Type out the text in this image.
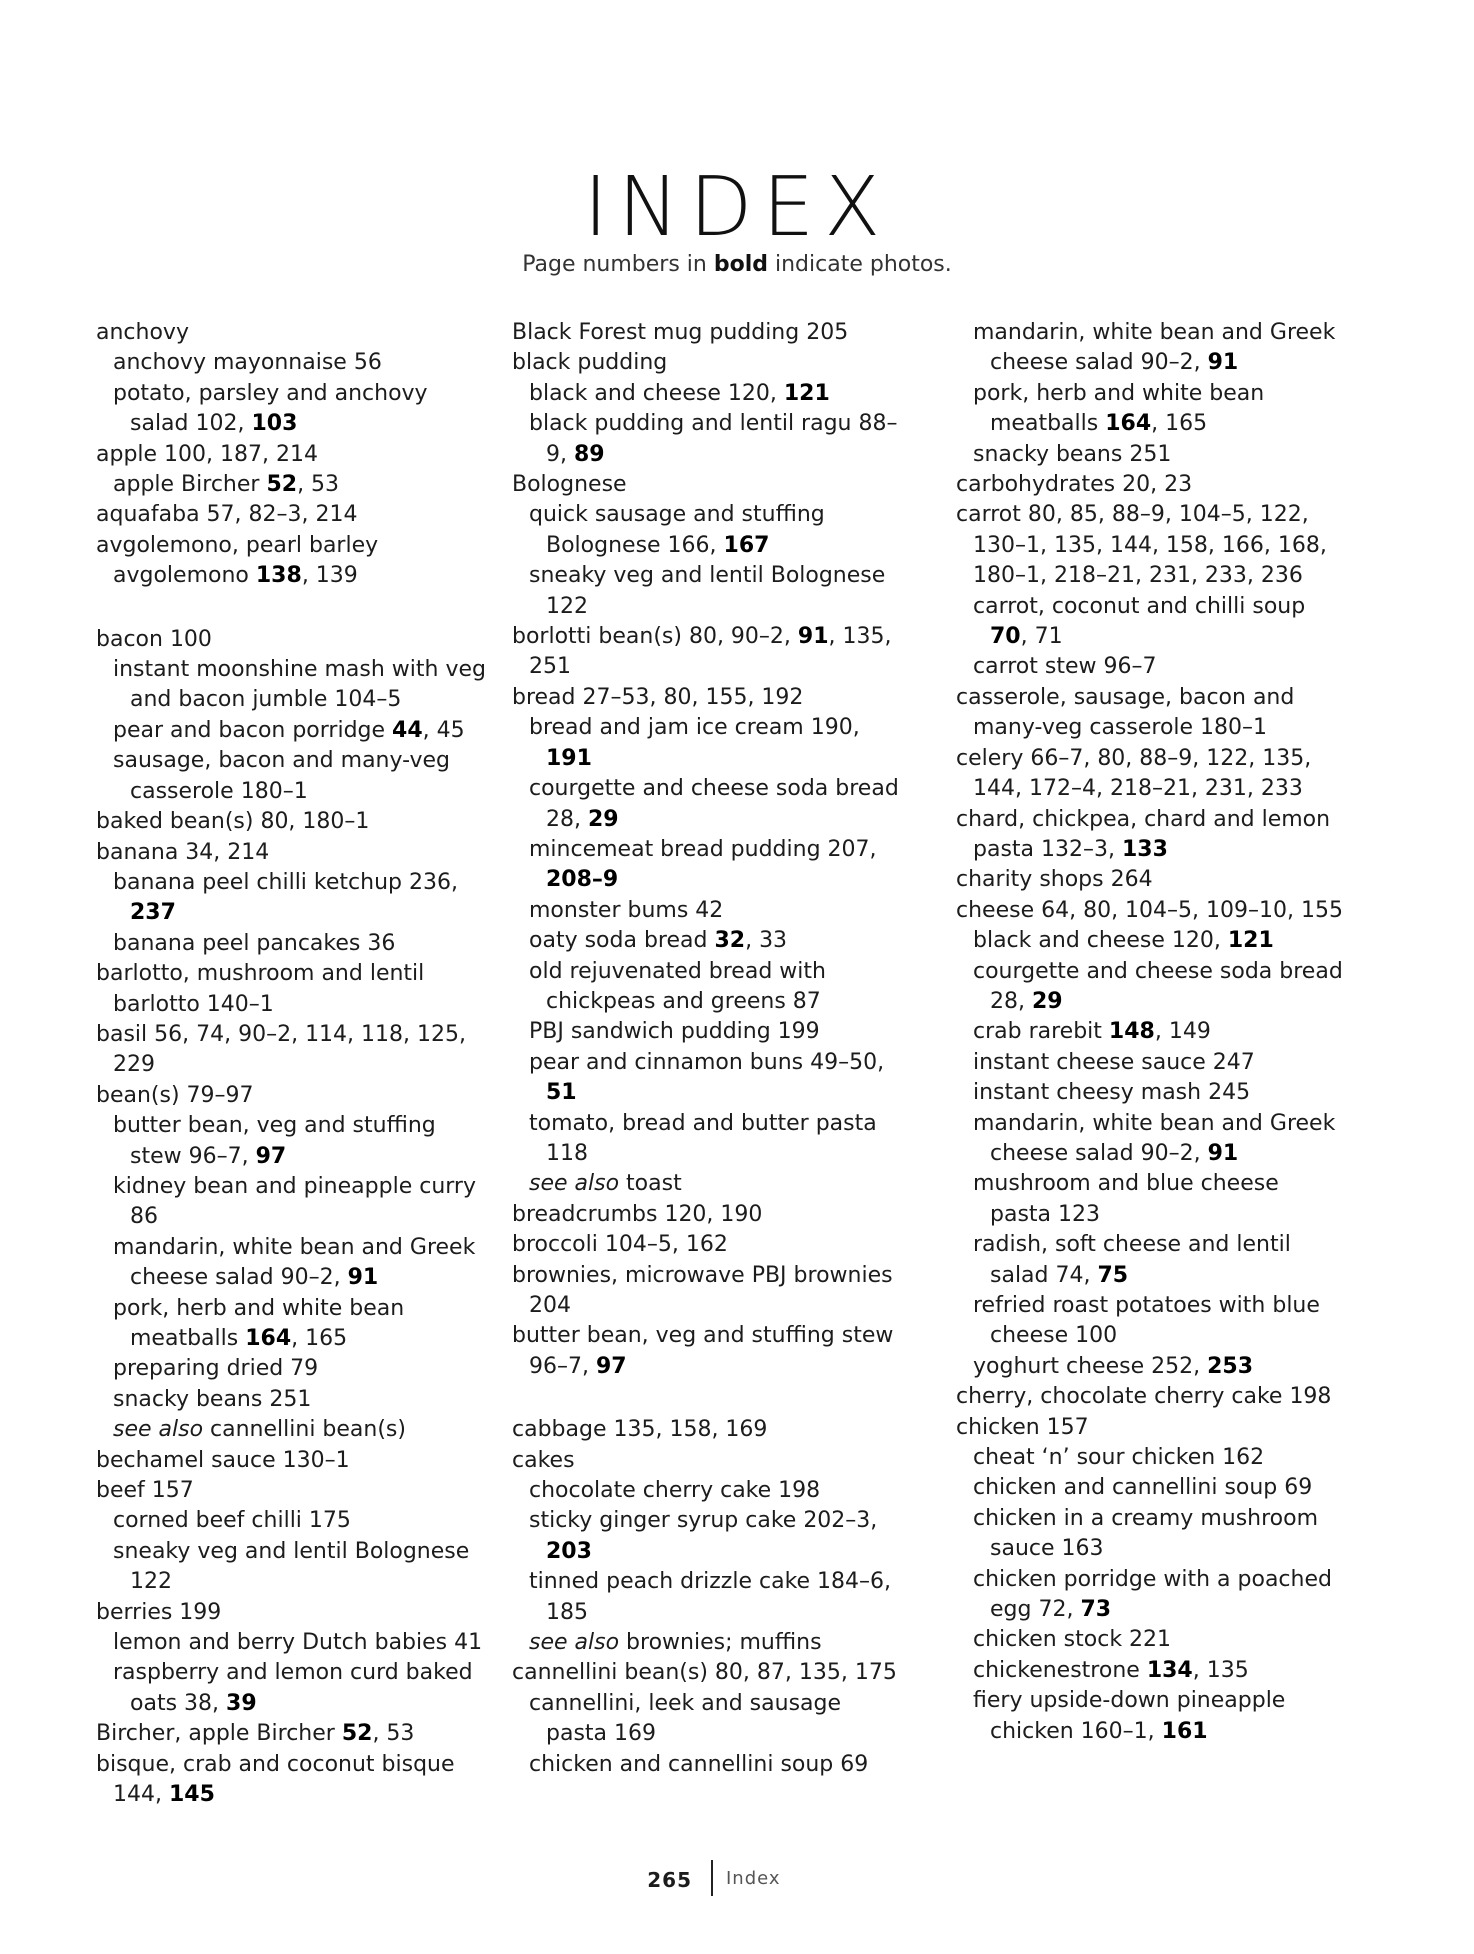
INDEX
Page numbers in bold indicate photos.
anchovy
anchovy mayonnaise 56
potato, parsley and anchovy salad 102, 103
apple 100, 187, 214
apple Bircher 52, 53
aquafaba 57, 82–3, 214
avgolemono, pearl barley avgolemono 138, 139
bacon 100
instant moonshine mash with veg and bacon jumble 104–5
pear and bacon porridge 44, 45
sausage, bacon and many-veg casserole 180–1
baked bean(s) 80, 180–1
banana 34, 214
banana peel chilli ketchup 236, 237
banana peel pancakes 36
barlotto, mushroom and lentil barlotto 140–1
basil 56, 74, 90–2, 114, 118, 125, 229
bean(s) 79–97
butter bean, veg and stuffing stew 96–7, 97
kidney bean and pineapple curry 86
mandarin, white bean and Greek cheese salad 90–2, 91
pork, herb and white bean meatballs 164, 165
preparing dried 79
snacky beans 251
see also cannellini bean(s)
bechamel sauce 130–1
beef 157
corned beef chilli 175
sneaky veg and lentil Bolognese 122
berries 199
lemon and berry Dutch babies 41
raspberry and lemon curd baked oats 38, 39
Bircher, apple Bircher 52, 53
bisque, crab and coconut bisque 144, 145
Black Forest mug pudding 205
black pudding
black and cheese 120, 121
black pudding and lentil ragu 88–9, 89
Bolognese
quick sausage and stuffing Bolognese 166, 167
sneaky veg and lentil Bolognese 122
borlotti bean(s) 80, 90–2, 91, 135, 251
bread 27–53, 80, 155, 192
bread and jam ice cream 190, 191
courgette and cheese soda bread 28, 29
mincemeat bread pudding 207, 208–9
monster bums 42
oaty soda bread 32, 33
old rejuvenated bread with chickpeas and greens 87
PBJ sandwich pudding 199
pear and cinnamon buns 49–50, 51
tomato, bread and butter pasta 118
see also toast
breadcrumbs 120, 190
broccoli 104–5, 162
brownies, microwave PBJ brownies 204
butter bean, veg and stuffing stew 96–7, 97
cabbage 135, 158, 169
cakes
chocolate cherry cake 198
sticky ginger syrup cake 202–3, 203
tinned peach drizzle cake 184–6, 185
see also brownies; muffins
cannellini bean(s) 80, 87, 135, 175
cannellini, leek and sausage pasta 169
chicken and cannellini soup 69
mandarin, white bean and Greek cheese salad 90–2, 91
pork, herb and white bean meatballs 164, 165
snacky beans 251
carbohydrates 20, 23
carrot 80, 85, 88–9, 104–5, 122, 130–1, 135, 144, 158, 166, 168, 180–1, 218–21, 231, 233, 236
carrot, coconut and chilli soup 70, 71
carrot stew 96–7
casserole, sausage, bacon and many-veg casserole 180–1
celery 66–7, 80, 88–9, 122, 135, 144, 172–4, 218–21, 231, 233
chard, chickpea, chard and lemon pasta 132–3, 133
charity shops 264
cheese 64, 80, 104–5, 109–10, 155
black and cheese 120, 121
courgette and cheese soda bread 28, 29
crab rarebit 148, 149
instant cheese sauce 247
instant cheesy mash 245
mandarin, white bean and Greek cheese salad 90–2, 91
mushroom and blue cheese pasta 123
radish, soft cheese and lentil salad 74, 75
refried roast potatoes with blue cheese 100
yoghurt cheese 252, 253
cherry, chocolate cherry cake 198
chicken 157
cheat ‘n’ sour chicken 162
chicken and cannellini soup 69
chicken in a creamy mushroom sauce 163
chicken porridge with a poached egg 72, 73
chicken stock 221
chickenestrone 134, 135
fiery upside-down pineapple chicken 160–1, 161
265 Index
